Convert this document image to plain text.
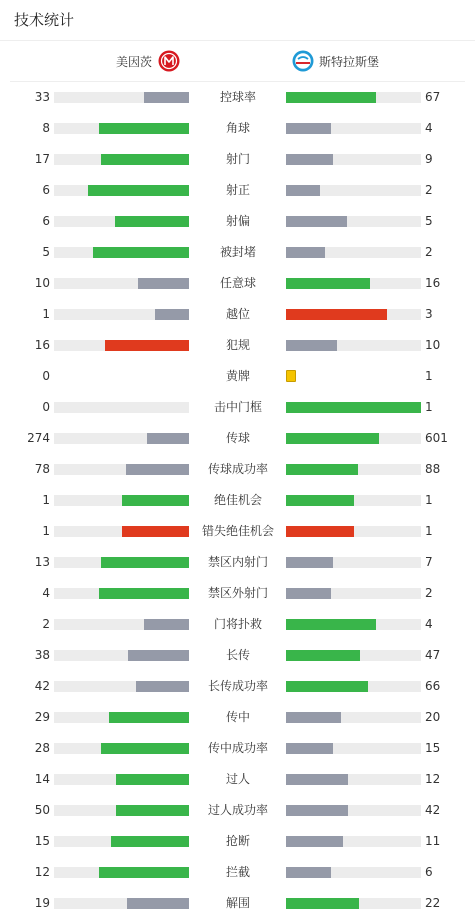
技术统计
美因茨	斯特拉斯堡
33	控球率	67
8	角球	4
17	射门	9
6	射正	2
6	射偏	5
5	被封堵	2
10	任意球	16
1	越位	3
16	犯规	10
0	黄牌	1
0	击中门框	1
274	传球	601
78	传球成功率	88
1	绝佳机会	1
1	错失绝佳机会	1
13	禁区内射门	7
4	禁区外射门	2
2	门将扑救	4
38	长传	47
42	长传成功率	66
29	传中	20
28	传中成功率	15
14	过人	12
50	过人成功率	42
15	抢断	11
12	拦截	6
19	解围	22
